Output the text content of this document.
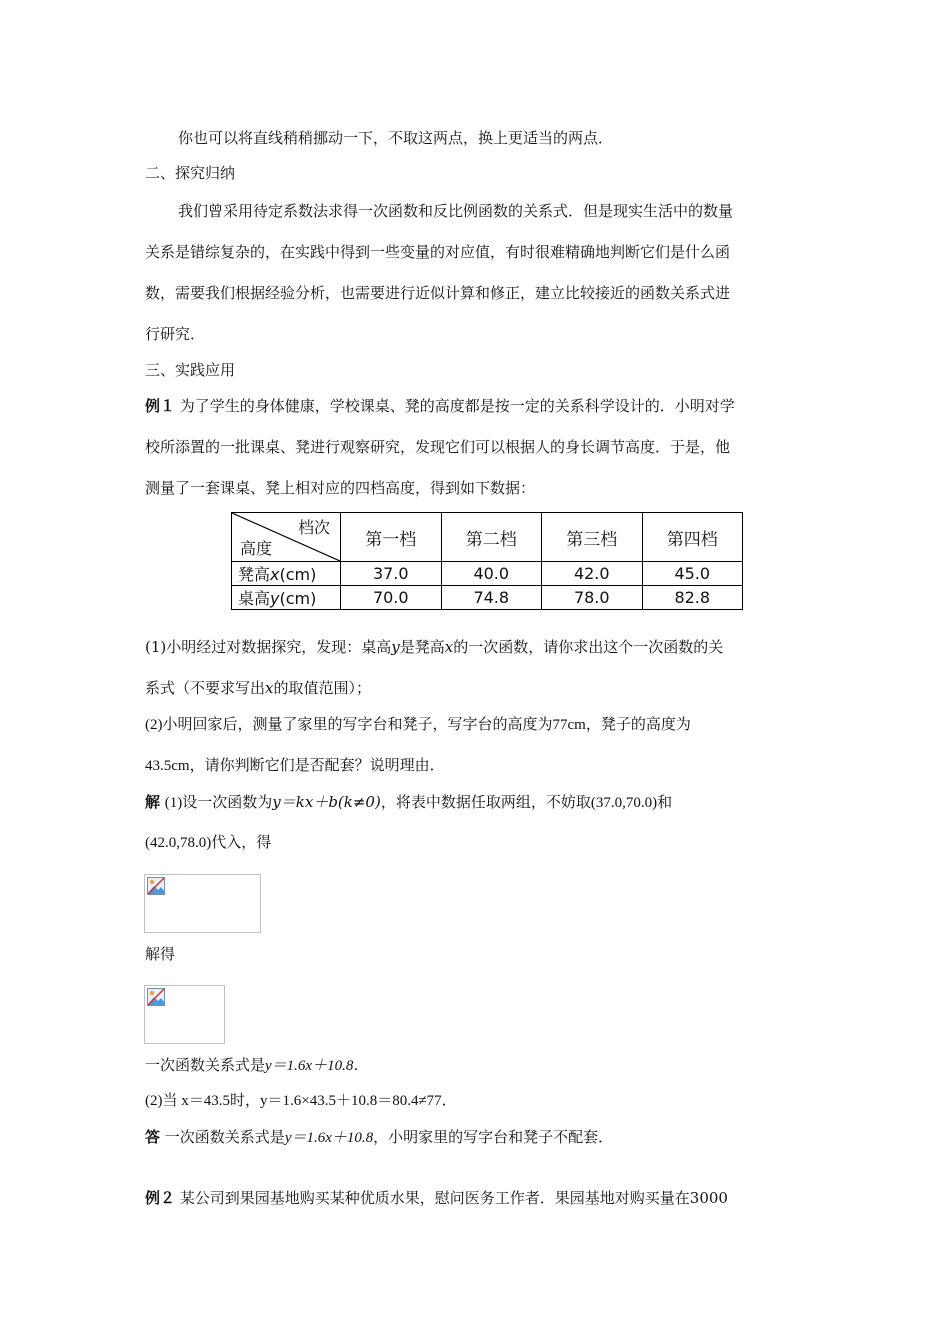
你也可以将直线稍稍挪动一下，不取这两点，换上更适当的两点．
二、探究归纳
我们曾采用待定系数法求得一次函数和反比例函数的关系式．但是现实生活中的数量
关系是错综复杂的，在实践中得到一些变量的对应值，有时很难精确地判断它们是什么函
数，需要我们根据经验分析，也需要进行近似计算和修正，建立比较接近的函数关系式进
行研究．
三、实践应用
例１ 为了学生的身体健康，学校课桌、凳的高度都是按一定的关系科学设计的．小明对学
校所添置的一批课桌、凳进行观察研究，发现它们可以根据人的身长调节高度．于是，他
测量了一套课桌、凳上相对应的四档高度，得到如下数据：
档次
高度	第一档	第二档	第三档	第四档
凳高x(cm)	37.0	40.0	42.0	45.0
桌高y(cm)	70.0	74.8	78.0	82.8
(1)小明经过对数据探究，发现：桌高y是凳高x的一次函数，请你求出这个一次函数的关
系式（不要求写出x的取值范围）；
(2)小明回家后，测量了家里的写字台和凳子，写字台的高度为77cm，凳子的高度为
43.5cm，请你判断它们是否配套？说明理由．
解 (1)设一次函数为y＝kx＋b(k≠0)，将表中数据任取两组，不妨取(37.0,70.0)和
(42.0,78.0)代入，得
解得
一次函数关系式是y＝1.6x＋10.8．
(2)当 x＝43.5时，y＝1.6×43.5＋10.8＝80.4≠77．
答 一次函数关系式是y＝1.6x＋10.8，小明家里的写字台和凳子不配套．
例２ 某公司到果园基地购买某种优质水果，慰问医务工作者．果园基地对购买量在3000
